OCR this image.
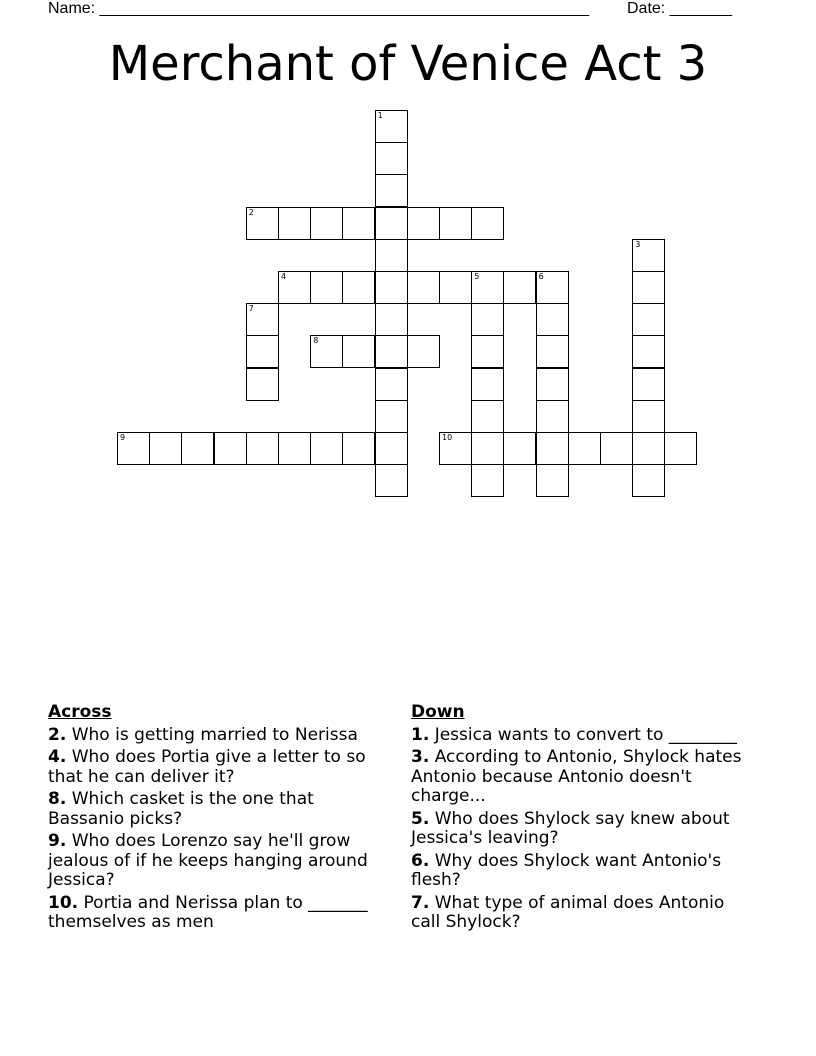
Name: _______________________________________________________ Date: _______
Merchant of Venice Act 3
1
2
3
4	5	6
7
8
9	10
Across
2. Who is getting married to Nerissa
4. Who does Portia give a letter to so that he can deliver it?
8. Which casket is the one that Bassanio picks?
9. Who does Lorenzo say he'll grow jealous of if he keeps hanging around Jessica?
10. Portia and Nerissa plan to _______ themselves as men
Down
1. Jessica wants to convert to ________
3. According to Antonio, Shylock hates Antonio because Antonio doesn't charge...
5. Who does Shylock say knew about Jessica's leaving?
6. Why does Shylock want Antonio's flesh?
7. What type of animal does Antonio call Shylock?
